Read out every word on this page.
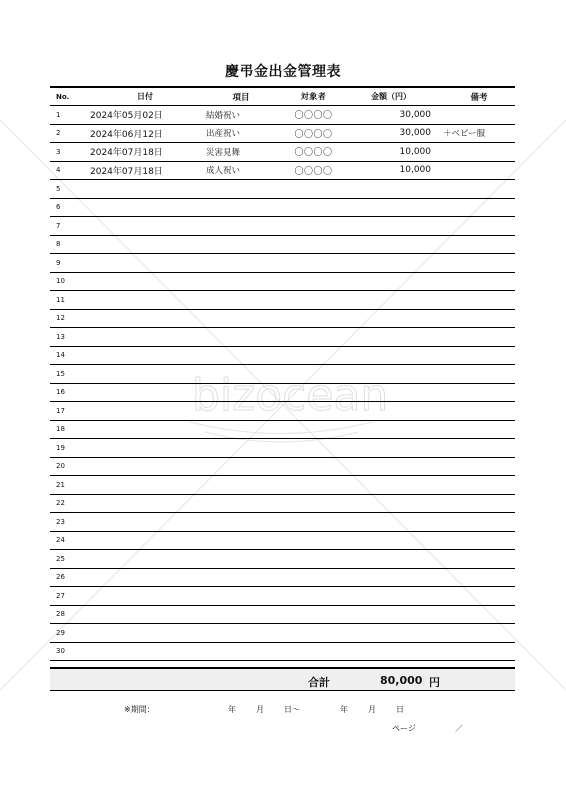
bizocean
慶弔金出金管理表
No.	日付	項目	対象者	金額（円）	備考
1	2024年05月02日	結婚祝い	〇〇〇〇	30,000	
2	2024年06月12日	出産祝い	〇〇〇〇	30,000	＋ベビー服
3	2024年07月18日	災害見舞	〇〇〇〇	10,000	
4	2024年07月18日	成人祝い	〇〇〇〇	10,000	
5					
6					
7					
8					
9					
10					
11					
12					
13					
14					
15					
16					
17					
18					
19					
20					
21					
22					
23					
24					
25					
26					
27					
28					
29					
30					
合計	80,000 円
※期間：	年	月	日～	年	月	日
ページ	／
